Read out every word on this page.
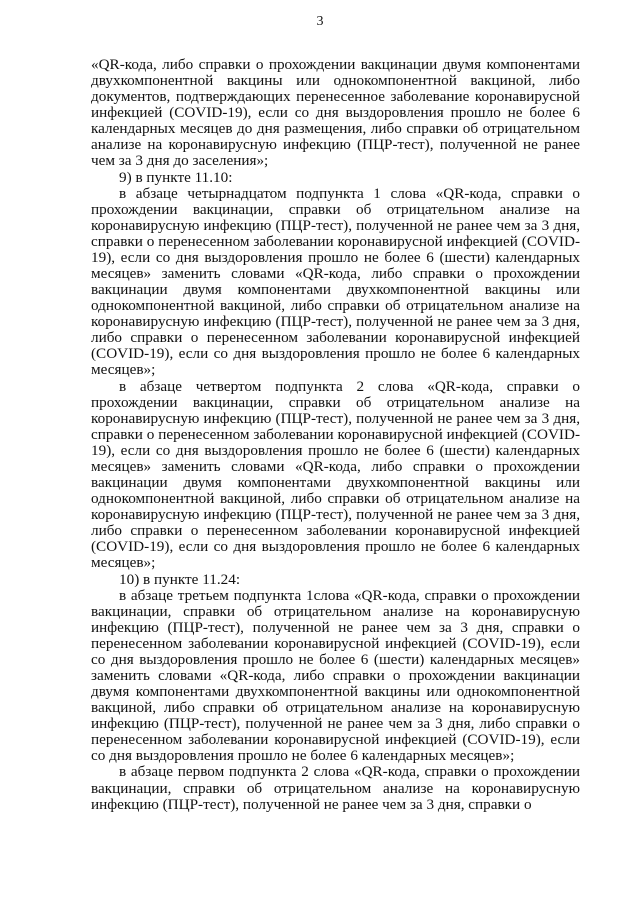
3

«QR-кода, либо справки о прохождении вакцинации двумя компонентами двухкомпонентной вакцины или однокомпонентной вакциной, либо документов, подтверждающих перенесенное заболевание коронавирусной инфекцией (COVID-19), если со дня выздоровления прошло не более 6 календарных месяцев до дня размещения, либо справки об отрицательном анализе на коронавирусную инфекцию (ПЦР-тест), полученной не ранее чем за 3 дня до заселения»;

9) в пункте 11.10:

в абзаце четырнадцатом подпункта 1 слова «QR-кода, справки о прохождении вакцинации, справки об отрицательном анализе на коронавирусную инфекцию (ПЦР-тест), полученной не ранее чем за 3 дня, справки о перенесенном заболевании коронавирусной инфекцией (COVID-19), если со дня выздоровления прошло не более 6 (шести) календарных месяцев» заменить словами «QR-кода, либо справки о прохождении вакцинации двумя компонентами двухкомпонентной вакцины или однокомпонентной вакциной, либо справки об отрицательном анализе на коронавирусную инфекцию (ПЦР-тест), полученной не ранее чем за 3 дня, либо справки о перенесенном заболевании коронавирусной инфекцией (COVID-19), если со дня выздоровления прошло не более 6 календарных месяцев»;

в абзаце четвертом подпункта 2 слова «QR-кода, справки о прохождении вакцинации, справки об отрицательном анализе на коронавирусную инфекцию (ПЦР-тест), полученной не ранее чем за 3 дня, справки о перенесенном заболевании коронавирусной инфекцией (COVID-19), если со дня выздоровления прошло не более 6 (шести) календарных месяцев» заменить словами «QR-кода, либо справки о прохождении вакцинации двумя компонентами двухкомпонентной вакцины или однокомпонентной вакциной, либо справки об отрицательном анализе на коронавирусную инфекцию (ПЦР-тест), полученной не ранее чем за 3 дня, либо справки о перенесенном заболевании коронавирусной инфекцией (COVID-19), если со дня выздоровления прошло не более 6 календарных месяцев»;

10) в пункте 11.24:

в абзаце третьем подпункта 1слова «QR-кода, справки о прохождении вакцинации, справки об отрицательном анализе на коронавирусную инфекцию (ПЦР-тест), полученной не ранее чем за 3 дня, справки о перенесенном заболевании коронавирусной инфекцией (COVID-19), если со дня выздоровления прошло не более 6 (шести) календарных месяцев» заменить словами «QR-кода, либо справки о прохождении вакцинации двумя компонентами двухкомпонентной вакцины или однокомпонентной вакциной, либо справки об отрицательном анализе на коронавирусную инфекцию (ПЦР-тест), полученной не ранее чем за 3 дня, либо справки о перенесенном заболевании коронавирусной инфекцией (COVID-19), если со дня выздоровления прошло не более 6 календарных месяцев»;

в абзаце первом подпункта 2 слова «QR-кода, справки о прохождении вакцинации, справки об отрицательном анализе на коронавирусную инфекцию (ПЦР-тест), полученной не ранее чем за 3 дня, справки о
